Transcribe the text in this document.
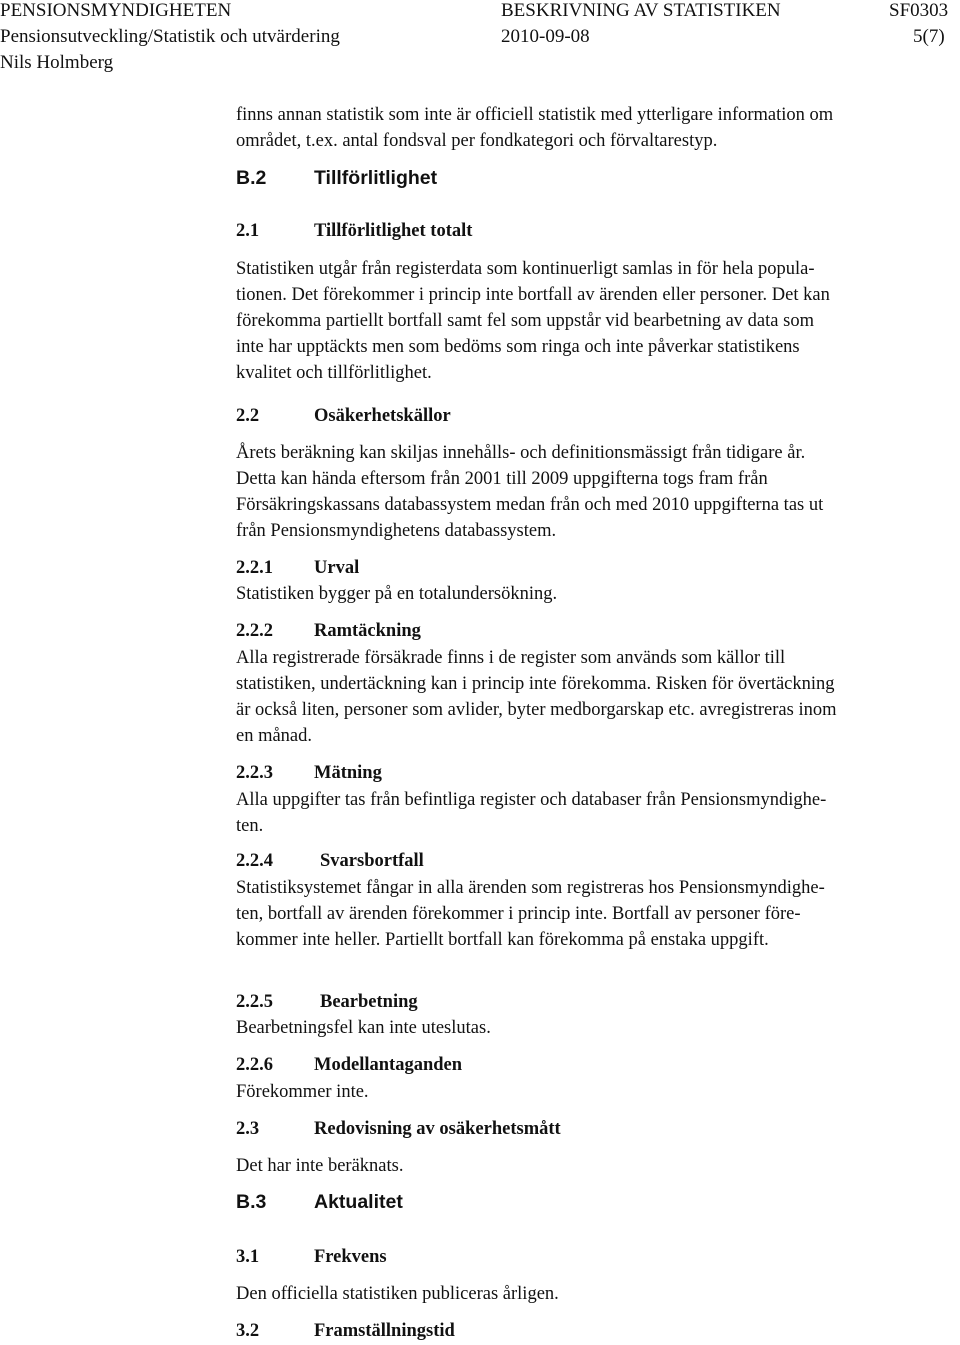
PENSIONSMYNDIGHETEN	BESKRIVNING AV STATISTIKEN	SF0303
Pensionsutveckling/Statistik och utvärdering	2010-09-08	5(7)
Nils Holmberg
finns annan statistik som inte är officiell statistik med ytterligare information om
området, t.ex. antal fondsval per fondkategori och förvaltarestyp.
B.2 Tillförlitlighet
2.1	Tillförlitlighet totalt
Statistiken utgår från registerdata som kontinuerligt samlas in för hela popula-
tionen. Det förekommer i princip inte bortfall av ärenden eller personer. Det kan
förekomma partiellt bortfall samt fel som uppstår vid bearbetning av data som
inte har upptäckts men som bedöms som ringa och inte påverkar statistikens
kvalitet och tillförlitlighet.
2.2	Osäkerhetskällor
Årets beräkning kan skiljas innehålls- och definitionsmässigt från tidigare år.
Detta kan hända eftersom från 2001 till 2009 uppgifterna togs fram från
Försäkringskassans databassystem medan från och med 2010 uppgifterna tas ut
från Pensionsmyndighetens databassystem.
2.2.1 Urval
Statistiken bygger på en totalundersökning.
2.2.2 Ramtäckning
Alla registrerade försäkrade finns i de register som används som källor till
statistiken, undertäckning kan i princip inte förekomma. Risken för övertäckning
är också liten, personer som avlider, byter medborgarskap etc. avregistreras inom
en månad.
2.2.3 Mätning
Alla uppgifter tas från befintliga register och databaser från Pensionsmyndighe-
ten.
2.2.4	Svarsbortfall
Statistiksystemet fångar in alla ärenden som registreras hos Pensionsmyndighe-
ten, bortfall av ärenden förekommer i princip inte. Bortfall av personer före-
kommer inte heller. Partiellt bortfall kan förekomma på enstaka uppgift.
2.2.5	Bearbetning
Bearbetningsfel kan inte uteslutas.
2.2.6 Modellantaganden
Förekommer inte.
2.3	Redovisning av osäkerhetsmått
Det har inte beräknats.
B.3 Aktualitet
3.1	Frekvens
Den officiella statistiken publiceras årligen.
3.2	Framställningstid
